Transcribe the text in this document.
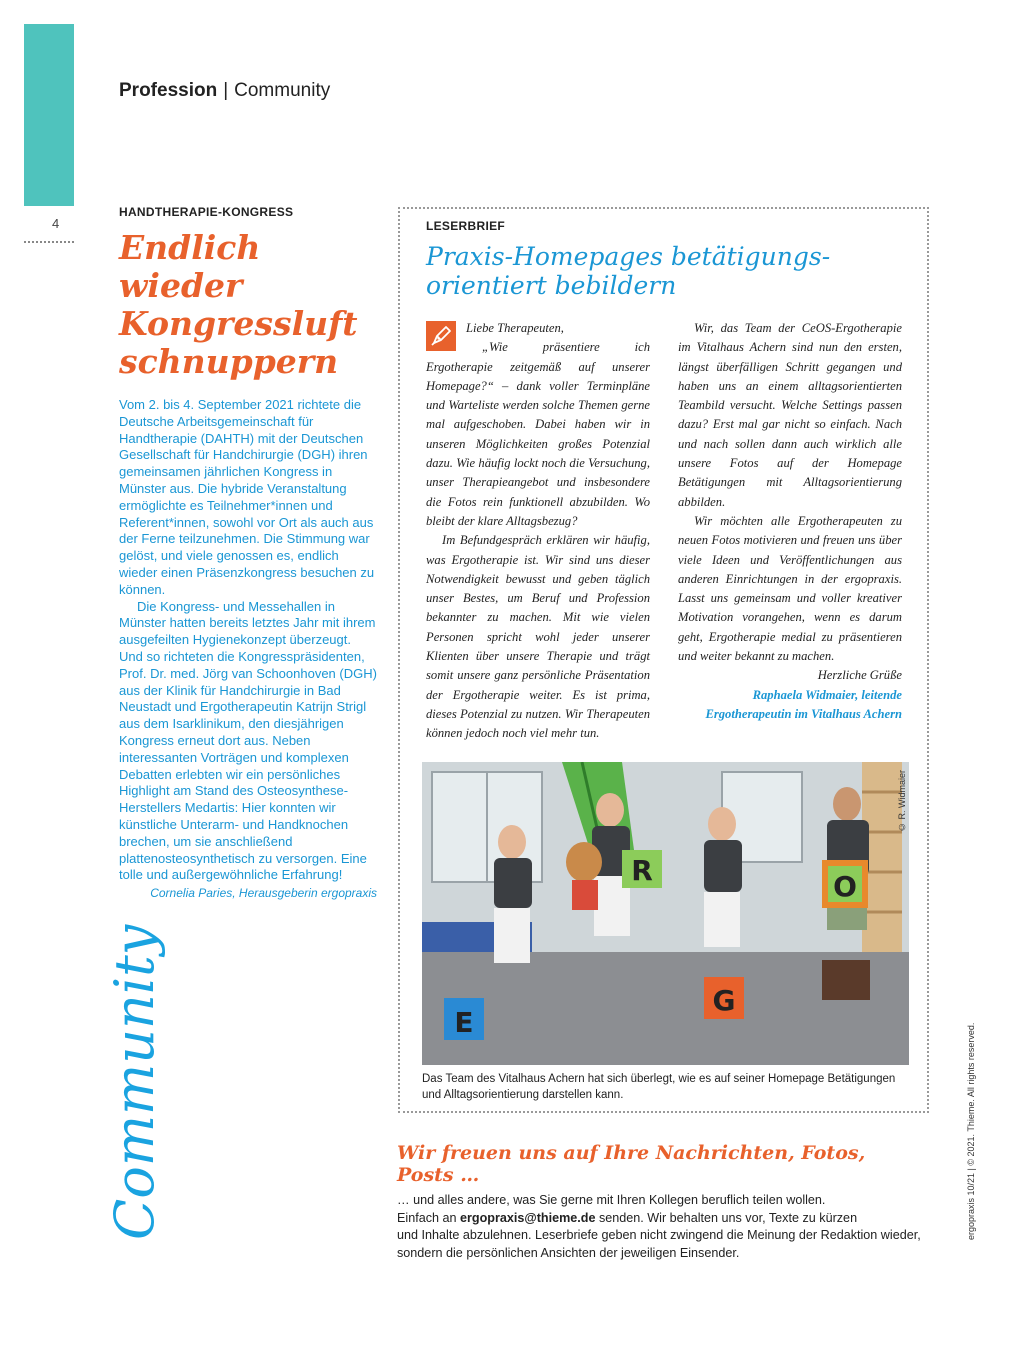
4
Profession | Community
HANDTHERAPIE-KONGRESS
Endlich wieder Kongressluft schnuppern

Vom 2. bis 4. September 2021 richtete die Deutsche Arbeitsgemeinschaft für Handtherapie (DAHTH) mit der Deutschen Gesellschaft für Handchirurgie (DGH) ihren gemeinsamen jährlichen Kongress in Münster aus. Die hybride Veranstaltung ermöglichte es Teilnehmer*innen und Referent*innen, sowohl vor Ort als auch aus der Ferne teilzunehmen. Die Stimmung war gelöst, und viele genossen es, endlich wieder einen Präsenzkongress besuchen zu können.

Die Kongress- und Messehallen in Münster hatten bereits letztes Jahr mit ihrem ausgefeilten Hygienekonzept überzeugt. Und so richteten die Kongresspräsidenten, Prof. Dr. med. Jörg van Schoonhoven (DGH) aus der Klinik für Handchirurgie in Bad Neustadt und Ergotherapeutin Katrijn Strigl aus dem Isarklinikum, den diesjährigen Kongress erneut dort aus. Neben interessanten Vorträgen und komplexen Debatten erlebten wir ein persönliches Highlight am Stand des Osteosynthese-Herstellers Medartis: Hier konnten wir künstliche Unterarm- und Handknochen brechen, um sie anschließend plattenosteosynthetisch zu versorgen. Eine tolle und außergewöhnliche Erfahrung!

Cornelia Paries, Herausgeberin ergopraxis
Community
LESERBRIEF
Praxis-Homepages betätigungsorientiert bebildern

Liebe Therapeuten,

„Wie präsentiere ich Ergotherapie zeitgemäß auf unserer Homepage?“ – dank voller Terminpläne und Warteliste werden solche Themen gerne mal aufgeschoben. Dabei haben wir in unseren Möglichkeiten großes Potenzial dazu. Wie häufig lockt noch die Versuchung, unser Therapieangebot und insbesondere die Fotos rein funktionell abzubilden. Wo bleibt der klare Alltagsbezug?

Im Befundgespräch erklären wir häufig, was Ergotherapie ist. Wir sind uns dieser Notwendigkeit bewusst und geben täglich unser Bestes, um Beruf und Profession bekannter zu machen. Mit wie vielen Personen spricht wohl jeder unserer Klienten über unsere Therapie und trägt somit unsere ganz persönliche Präsentation der Ergotherapie weiter. Es ist prima, dieses Potenzial zu nutzen. Wir Therapeuten können jedoch noch viel mehr tun.

Wir, das Team der CeOS-Ergotherapie im Vitalhaus Achern sind nun den ersten, längst überfälligen Schritt gegangen und haben uns an einem alltagsorientierten Teambild versucht. Welche Settings passen dazu? Erst mal gar nicht so einfach. Nach und nach sollen dann auch wirklich alle unsere Fotos auf der Homepage Betätigungen mit Alltagsorientierung abbilden.

Wir möchten alle Ergotherapeuten zu neuen Fotos motivieren und freuen uns über viele Ideen und Veröffentlichungen aus anderen Einrichtungen in der ergopraxis. Lasst uns gemeinsam und voller kreativer Motivation vorangehen, wenn es darum geht, Ergotherapie medial zu präsentieren und weiter bekannt zu machen.

Herzliche Grüße

Raphaela Widmaier, leitende Ergotherapeutin im Vitalhaus Achern

R	O
G
E
© R. Widmaier
Das Team des Vitalhaus Achern hat sich überlegt, wie es auf seiner Homepage Betätigungen und Alltagsorientierung darstellen kann.
Wir freuen uns auf Ihre Nachrichten, Fotos, Posts …
… und alles andere, was Sie gerne mit Ihren Kollegen beruflich teilen wollen.
Einfach an ergopraxis@thieme.de senden. Wir behalten uns vor, Texte zu kürzen
und Inhalte abzulehnen. Leserbriefe geben nicht zwingend die Meinung der Redaktion wieder, sondern die persönlichen Ansichten der jeweiligen Einsender.
ergopraxis 10/21 | © 2021. Thieme. All rights reserved.
